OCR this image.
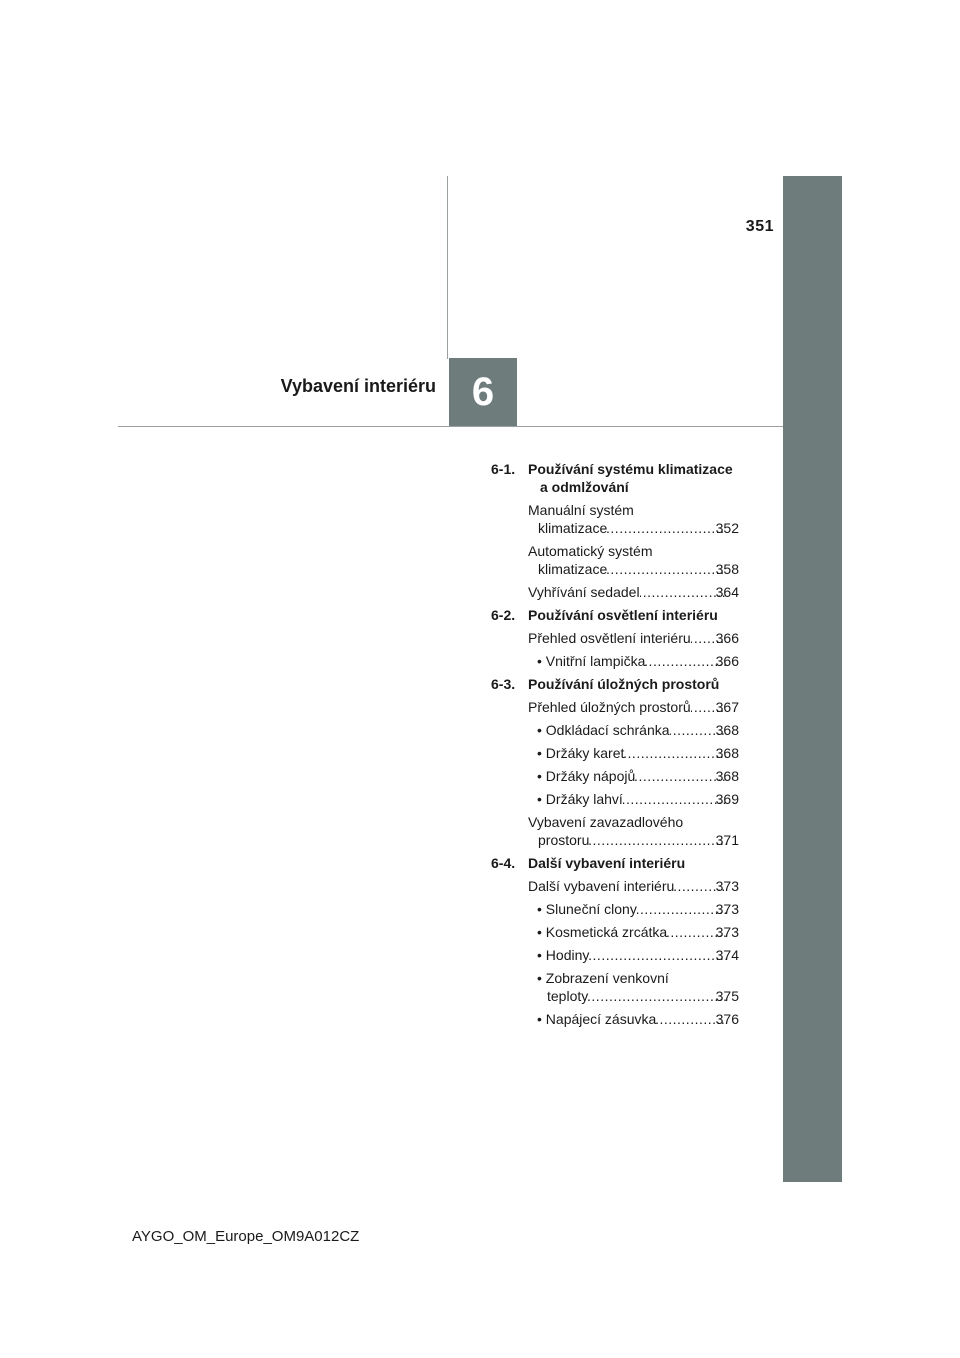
351
6
Vybavení interiéru
6-1. Používání systému klimatizace a odmlžování
Manuální systém
klimatizace .....	352
Automatický systém
klimatizace .....	358
Vyhřívání sedadel .....	364
6-2. Používání osvětlení interiéru
Přehled osvětlení interiéru ..... 366
• Vnitřní lampička .....	366
6-3. Používání úložných prostorů
Přehled úložných prostorů ..... 367
• Odkládací schránka .....	368
• Držáky karet .....	368
• Držáky nápojů .....	368
• Držáky lahví .....	369
Vybavení zavazadlového
prostoru .....	371
6-4. Další vybavení interiéru
Další vybavení interiéru .....	373
• Sluneční clony .....	373
• Kosmetická zrcátka .....	373
• Hodiny .....	374
• Zobrazení venkovní
teploty .....	375
• Napájecí zásuvka .....	376
AYGO_OM_Europe_OM9A012CZ
